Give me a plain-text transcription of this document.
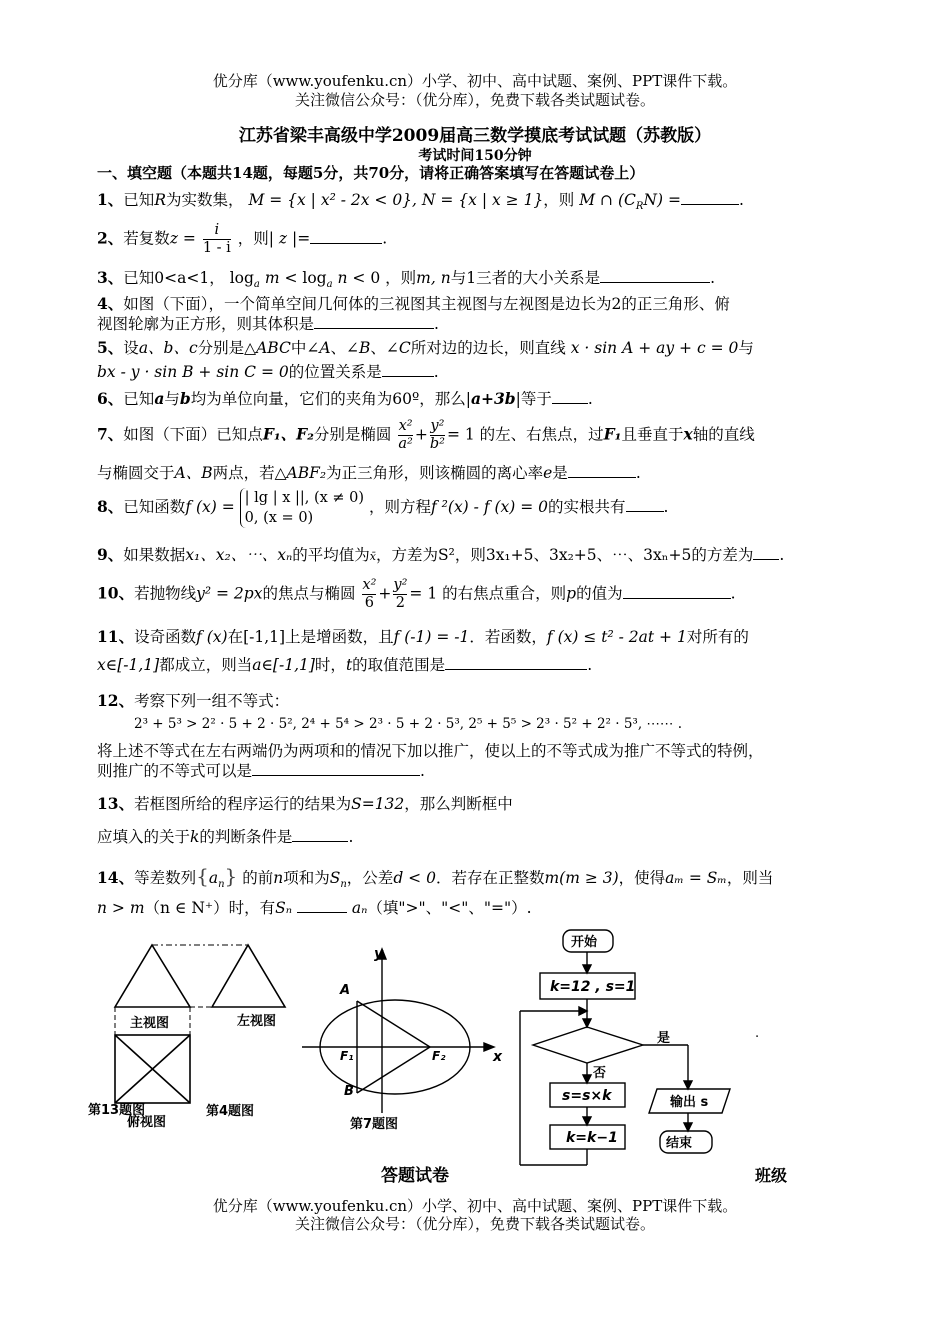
优分库（www.youfenku.cn）小学、初中、高中试题、案例、PPT课件下载。
关注微信公众号：（优分库），免费下载各类试题试卷。
江苏省梁丰高级中学2009届高三数学摸底考试试题（苏教版）
考试时间150分钟
一、填空题（本题共14题，每题5分，共70分，请将正确答案填写在答题试卷上）
1、已知R为实数集， M = {x | x² - 2x < 0}, N = {x | x ≥ 1}，则 M ∩ $(C_RN)$ =	.
2、若复数$z = \frac{i}{1 - i}$ ，则| z |=	.
3、已知0<a<1， $\log_a m < \log_a n < 0$ ，则m, n与1三者的大小关系是	.
4、如图（下面），一个简单空间几何体的三视图其主视图与左视图是边长为2的正三角形、俯
视图轮廓为正方形，则其体积是	.
5、设a、b、c分别是△ABC中∠A、∠B、∠C所对边的边长，则直线 x · sin A + ay + c = 0与
bx - y · sin B + sin C = 0的位置关系是	.
6、已知a与b均为单位向量，它们的夹角为60º，那么|a+3b|等于 .
7、如图（下面）已知点F₁、F₂分别是椭圆 $\frac{\text{x²}}{\text{a²}} + \frac{\text{y²}}{\text{b²}} = 1$ 的左、右焦点，过F₁且垂直于x轴的直线
与椭圆交于A、B两点，若△ABF₂为正三角形，则该椭圆的离心率e是	.
8、已知函数f (x) = | lg | x ||, (x ≠ 0)
0, (x = 0)
，则方程f ²(x) - f (x) = 0的实根共有 .
9、如果数据x₁、x₂、⋯、xₙ的平均值为x̄，方差为S²，则3x₁+5、3x₂+5、⋯、3xₙ+5的方差为 .
10、若抛物线y² = 2px的焦点与椭圆 $\frac{\text{x²}}{6} + \frac{\text{y²}}{2} = 1$ 的右焦点重合，则p的值为	.
11、设奇函数f (x)在[-1,1]上是增函数，且f (-1) = -1．若函数，f (x) ≤ t² - 2at + 1对所有的
x∈[-1,1]都成立，则当a∈[-1,1]时，t的取值范围是	.
12、考察下列一组不等式：
2³ + 5³ > 2² · 5 + 2 · 5², 2⁴ + 5⁴ > 2³ · 5 + 2 · 5³, 2⁵ + 5⁵ > 2³ · 5² + 2² · 5³, ⋯⋯ .
将上述不等式在左右两端仍为两项和的情况下加以推广，使以上的不等式成为推广不等式的特例，
则推广的不等式可以是	.
13、若框图所给的程序运行的结果为S=132，那么判断框中
应填入的关于k的判断条件是	.
14、等差数列$\{a_n\}$ 的前n项和为$S_n$，公差d < 0．若存在正整数m(m ≥ 3)，使得aₘ = Sₘ，则当
n > m（n ∈ N⁺）时，有Sₙ	aₙ（填">"、"<"、"="）.
主视图	左视图
俯视图
第13题图	第4题图
y
x
A
B
F₁	F₂
第7题图
开始
k=12 , s=1
是
否
s=s×k
k=k−1
输出 s
结束
.
答题试卷	班级
优分库（www.youfenku.cn）小学、初中、高中试题、案例、PPT课件下载。
关注微信公众号：（优分库），免费下载各类试题试卷。
